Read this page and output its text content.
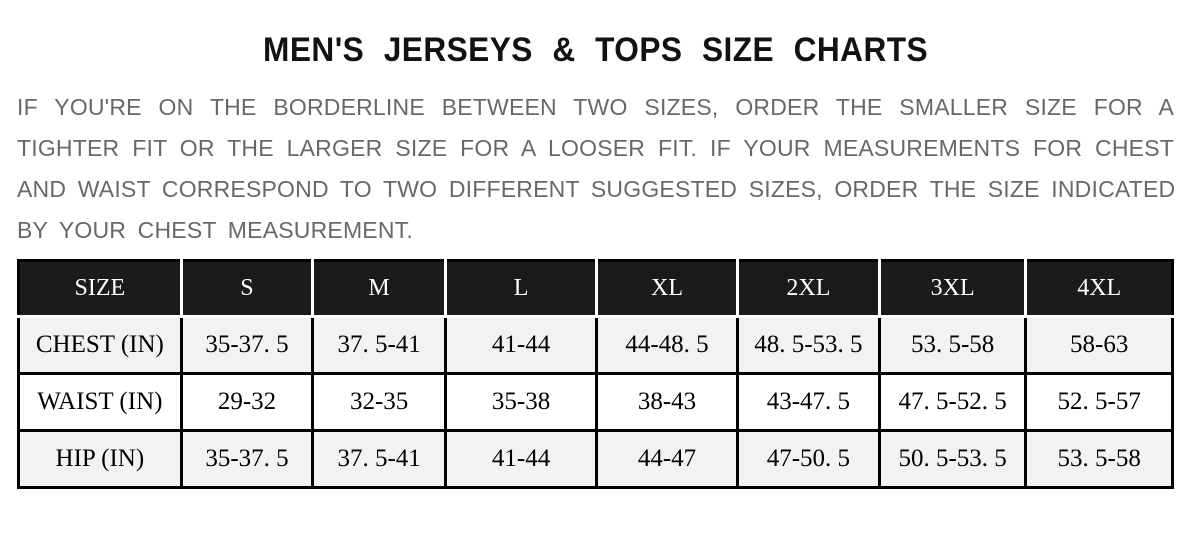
MEN'S JERSEYS & TOPS SIZE CHARTS
IF YOU'RE ON THE BORDERLINE BETWEEN TWO SIZES, ORDER THE SMALLER SIZE FOR A
TIGHTER FIT OR THE LARGER SIZE FOR A LOOSER FIT. IF YOUR MEASUREMENTS FOR CHEST
AND WAIST CORRESPOND TO TWO DIFFERENT SUGGESTED SIZES, ORDER THE SIZE INDICATED
BY YOUR CHEST MEASUREMENT.
SIZE	S	M	L	XL	2XL	3XL	4XL
CHEST (IN)	35-37. 5	37. 5-41	41-44	44-48. 5	48. 5-53. 5	53. 5-58	58-63
WAIST (IN)	29-32	32-35	35-38	38-43	43-47. 5	47. 5-52. 5	52. 5-57
HIP (IN)	35-37. 5	37. 5-41	41-44	44-47	47-50. 5	50. 5-53. 5	53. 5-58
